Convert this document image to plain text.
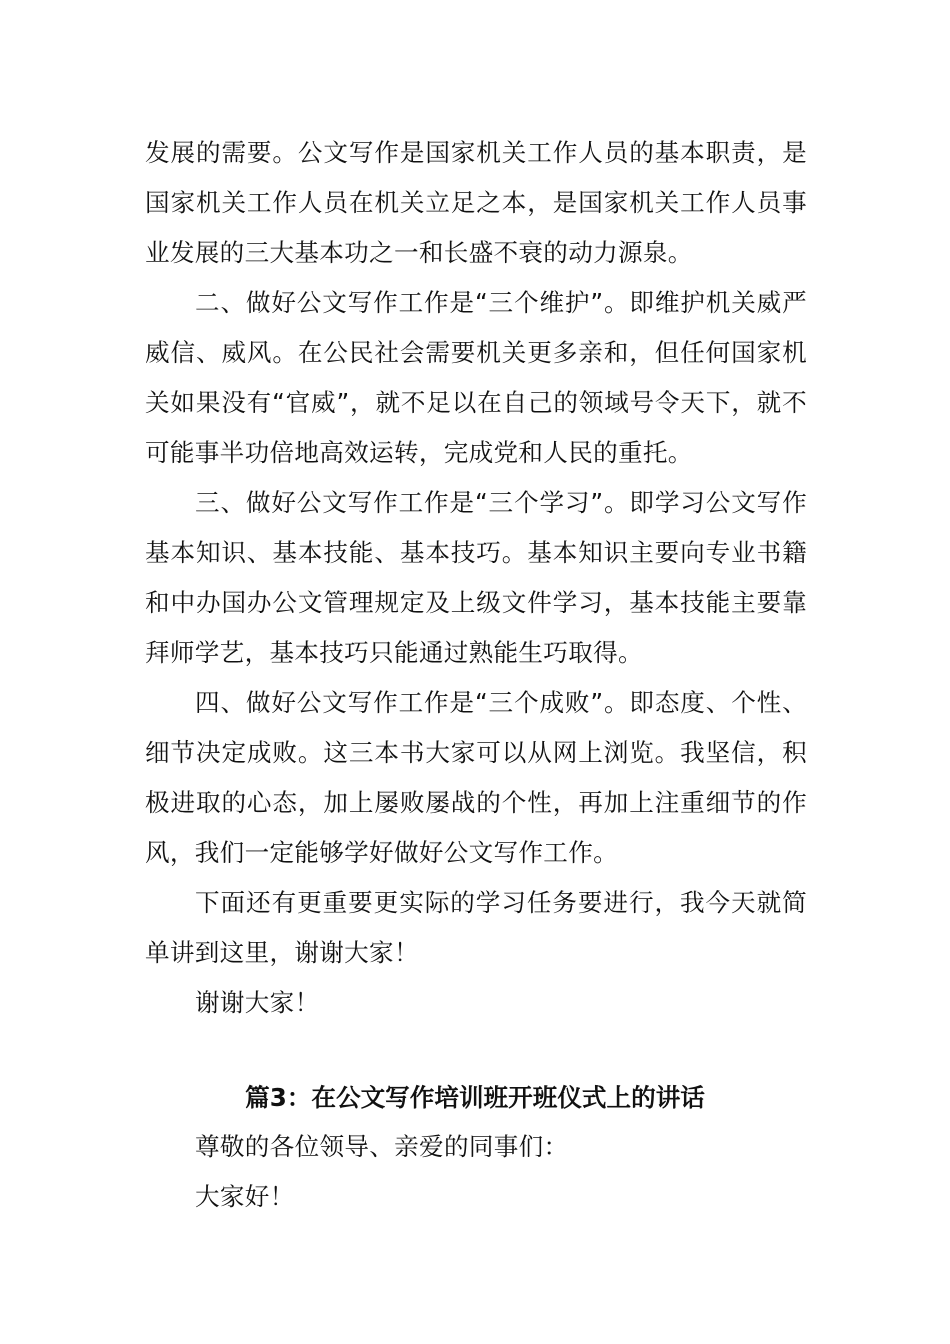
发展的需要。公文写作是国家机关工作人员的基本职责，是国家机关工作人员在机关立足之本，是国家机关工作人员事业发展的三大基本功之一和长盛不衰的动力源泉。

二、做好公文写作工作是“三个维护”。即维护机关威严威信、威风。在公民社会需要机关更多亲和，但任何国家机关如果没有“官威”，就不足以在自己的领域号令天下，就不可能事半功倍地高效运转，完成党和人民的重托。

三、做好公文写作工作是“三个学习”。即学习公文写作基本知识、基本技能、基本技巧。基本知识主要向专业书籍和中办国办公文管理规定及上级文件学习，基本技能主要靠拜师学艺，基本技巧只能通过熟能生巧取得。

四、做好公文写作工作是“三个成败”。即态度、个性、细节决定成败。这三本书大家可以从网上浏览。我坚信，积极进取的心态，加上屡败屡战的个性，再加上注重细节的作风，我们一定能够学好做好公文写作工作。

下面还有更重要更实际的学习任务要进行，我今天就简单讲到这里，谢谢大家！

谢谢大家！

篇3：在公文写作培训班开班仪式上的讲话

尊敬的各位领导、亲爱的同事们：

大家好！
